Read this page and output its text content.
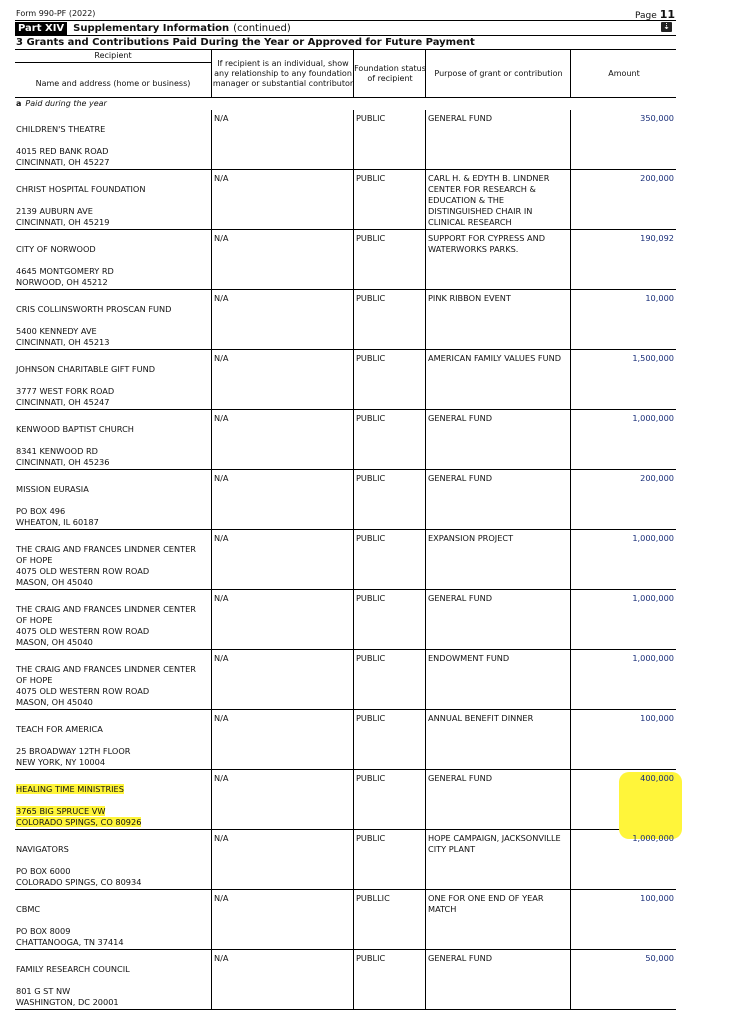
Form 990-PF (2022)	Page 11
Part XIV Supplementary Information (continued)	⇣
3 Grants and Contributions Paid During the Year or Approved for Future Payment
Recipient
Name and address (home or business)
If recipient is an individual, show any relationship to any foundation manager or substantial contributor
Foundation status of recipient
Purpose of grant or contribution	Amount
a Paid during the year
CHILDREN'S THEATRE
4015 RED BANK ROAD
CINCINNATI, OH 45227
N/A	PUBLIC	GENERAL FUND	350,000
CHRIST HOSPITAL FOUNDATION
2139 AUBURN AVE
CINCINNATI, OH 45219
N/A	PUBLIC	CARL H. & EDYTH B. LINDNER CENTER FOR RESEARCH & EDUCATION & THE DISTINGUISHED CHAIR IN CLINICAL RESEARCH
200,000
CITY OF NORWOOD
4645 MONTGOMERY RD
NORWOOD, OH 45212
N/A	PUBLIC	SUPPORT FOR CYPRESS AND WATERWORKS PARKS.
190,092
CRIS COLLINSWORTH PROSCAN FUND
5400 KENNEDY AVE
CINCINNATI, OH 45213
N/A	PUBLIC	PINK RIBBON EVENT	10,000
JOHNSON CHARITABLE GIFT FUND
3777 WEST FORK ROAD
CINCINNATI, OH 45247
N/A	PUBLIC	AMERICAN FAMILY VALUES FUND	1,500,000
KENWOOD BAPTIST CHURCH
8341 KENWOOD RD
CINCINNATI, OH 45236
N/A	PUBLIC	GENERAL FUND	1,000,000
MISSION EURASIA
PO BOX 496
WHEATON, IL 60187
N/A	PUBLIC	GENERAL FUND	200,000
THE CRAIG AND FRANCES LINDNER CENTER OF HOPE
4075 OLD WESTERN ROW ROAD
MASON, OH 45040
N/A	PUBLIC	EXPANSION PROJECT	1,000,000
THE CRAIG AND FRANCES LINDNER CENTER OF HOPE
4075 OLD WESTERN ROW ROAD
MASON, OH 45040
N/A	PUBLIC	GENERAL FUND	1,000,000
THE CRAIG AND FRANCES LINDNER CENTER OF HOPE
4075 OLD WESTERN ROW ROAD
MASON, OH 45040
N/A	PUBLIC	ENDOWMENT FUND	1,000,000
TEACH FOR AMERICA
25 BROADWAY 12TH FLOOR
NEW YORK, NY 10004
N/A	PUBLIC	ANNUAL BENEFIT DINNER	100,000
HEALING TIME MINISTRIES
3765 BIG SPRUCE VW
COLORADO SPINGS, CO 80926
N/A	PUBLIC	GENERAL FUND	400,000
NAVIGATORS
PO BOX 6000
COLORADO SPINGS, CO 80934
N/A	PUBLIC	HOPE CAMPAIGN, JACKSONVILLE CITY PLANT
1,000,000
CBMC
PO BOX 8009
CHATTANOOGA, TN 37414
N/A	PUBLLIC	ONE FOR ONE END OF YEAR MATCH
100,000
FAMILY RESEARCH COUNCIL
801 G ST NW
WASHINGTON, DC 20001
N/A	PUBLIC	GENERAL FUND	50,000
